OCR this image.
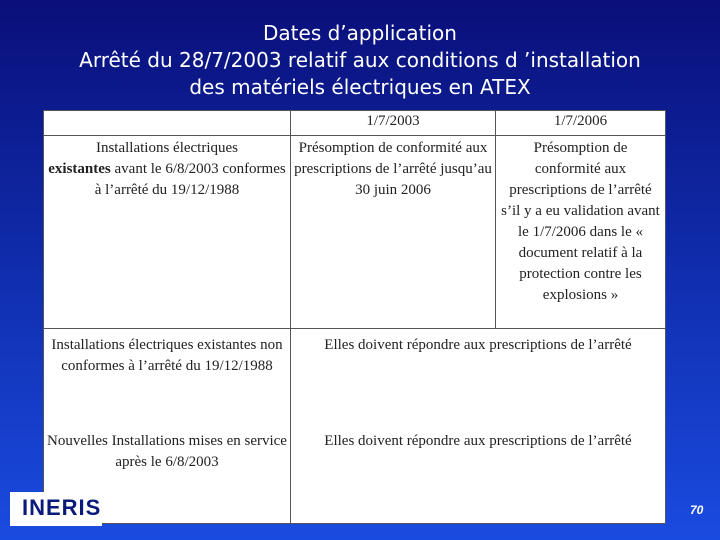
Dates d’application
Arrêté du 28/7/2003 relatif aux conditions d ’installation
des matériels électriques en ATEX
	1/7/2003	1/7/2006
Installations électriques
existantes avant le 6/8/2003 conformes à l’arrêté du 19/12/1988	Présomption de conformité aux prescriptions de l’arrêté jusqu’au 30 juin 2006	Présomption de conformité aux prescriptions de l’arrêté s’il y a eu validation avant le 1/7/2006 dans le « document relatif à la protection contre les explosions »
Installations électriques existantes non conformes à l’arrêté du 19/12/1988	Elles doivent répondre aux prescriptions de l’arrêté	
Nouvelles Installations mises en service après le 6/8/2003	Elles doivent répondre aux prescriptions de l’arrêté	
INERIS	70
